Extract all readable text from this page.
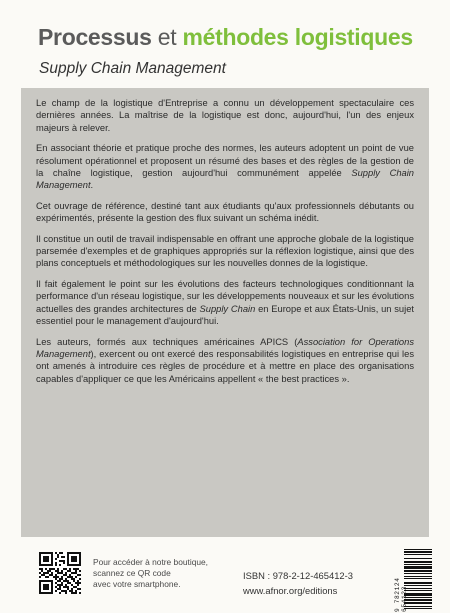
Processus et méthodes logistiques
Supply Chain Management

Le champ de la logistique d'Entreprise a connu un développement spectaculaire ces dernières années. La maîtrise de la logistique est donc, aujourd'hui, l'un des enjeux majeurs à relever.

En associant théorie et pratique proche des normes, les auteurs adoptent un point de vue résolument opérationnel et proposent un résumé des bases et des règles de la gestion de la chaîne logistique, gestion aujourd'hui communément appelée Supply Chain Management.

Cet ouvrage de référence, destiné tant aux étudiants qu'aux professionnels débutants ou expérimentés, présente la gestion des flux suivant un schéma inédit.

Il constitue un outil de travail indispensable en offrant une approche globale de la logistique parsemée d'exemples et de graphiques appropriés sur la réflexion logistique, ainsi que des plans conceptuels et méthodologiques sur les nouvelles donnes de la logistique.

Il fait également le point sur les évolutions des facteurs technologiques conditionnant la performance d'un réseau logistique, sur les développements nouveaux et sur les évolutions actuelles des grandes architectures de Supply Chain en Europe et aux États-Unis, un sujet essentiel pour le management d'aujourd'hui.

Les auteurs, formés aux techniques américaines APICS (Association for Operations Management), exercent ou ont exercé des responsabilités logistiques en entreprise qui les ont amenés à introduire ces règles de procédure et à mettre en place des organisations capables d'appliquer ce que les Américains appellent « the best practices ».

Pour accéder à notre boutique,
scannez ce QR code
avec votre smartphone.
ISBN : 978-2-12-465412-3
www.afnor.org/editions	9 782124 654123
